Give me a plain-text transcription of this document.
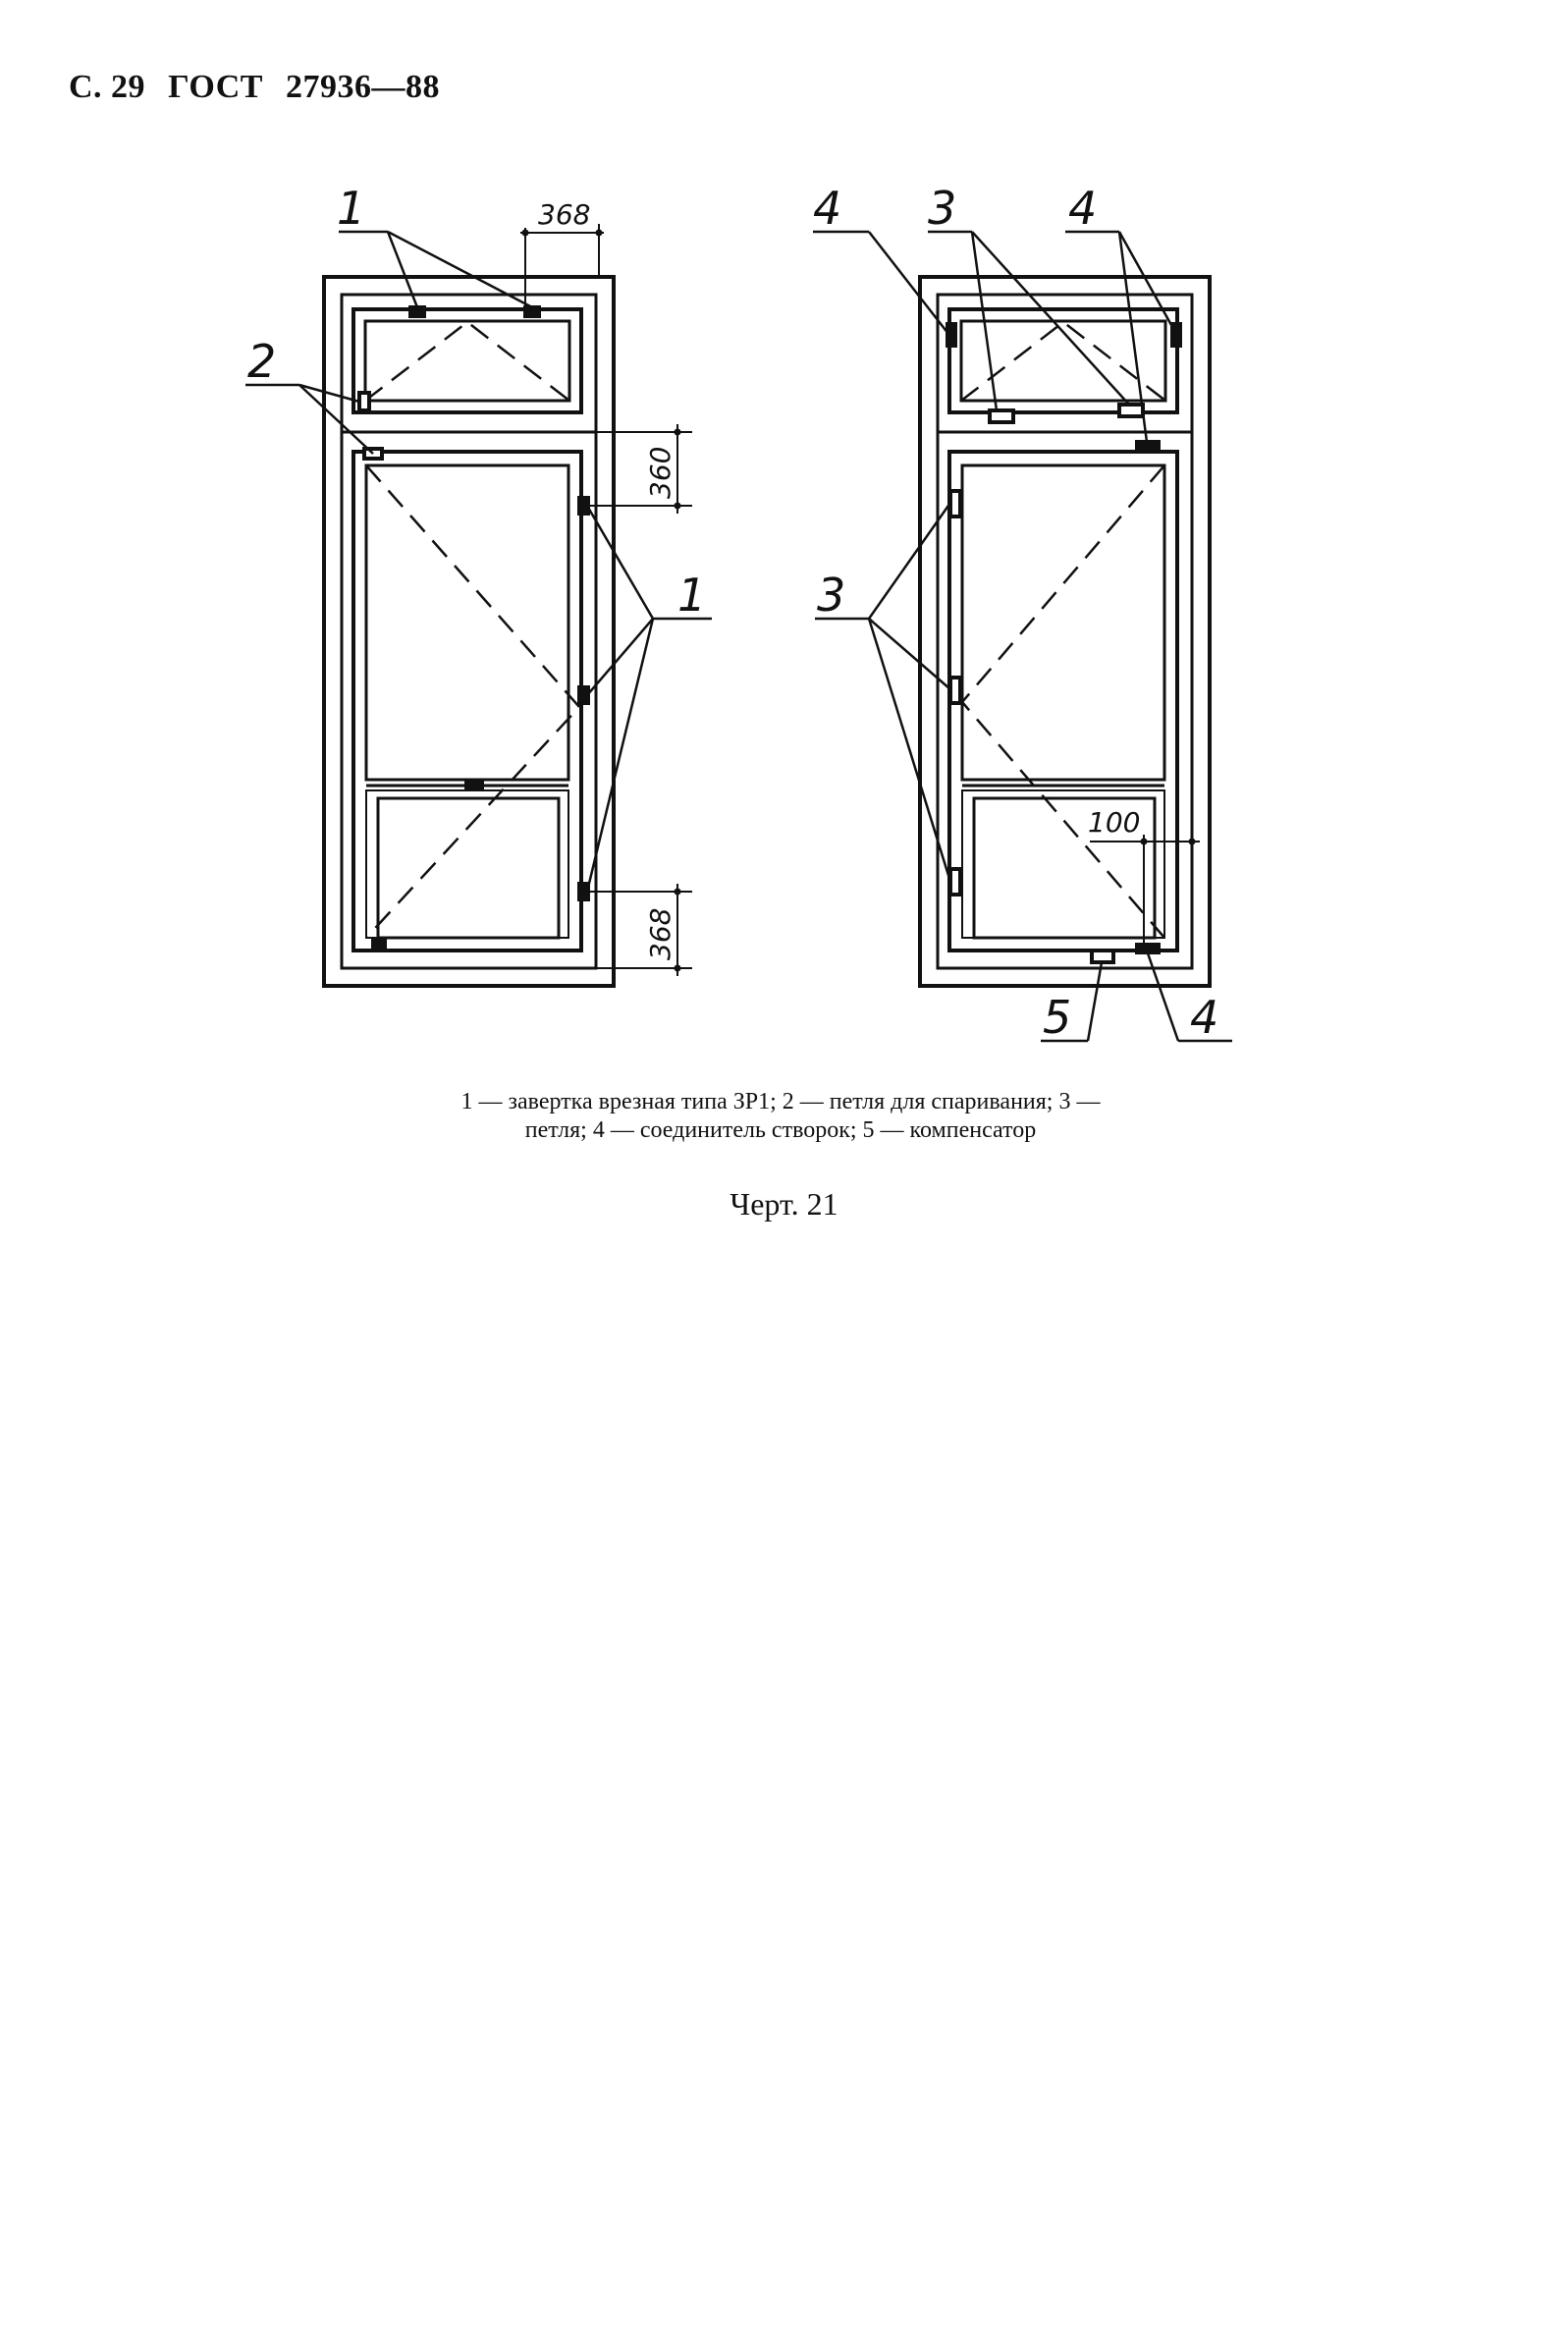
С. 29 ГОСТ 27936—88
1
2
1
368
360
368
4 3 4
3
5	4
100
1 — завертка врезная типа ЗР1; 2 — петля для спаривания; 3 —
петля; 4 — соединитель створок; 5 — компенсатор
Черт. 21
